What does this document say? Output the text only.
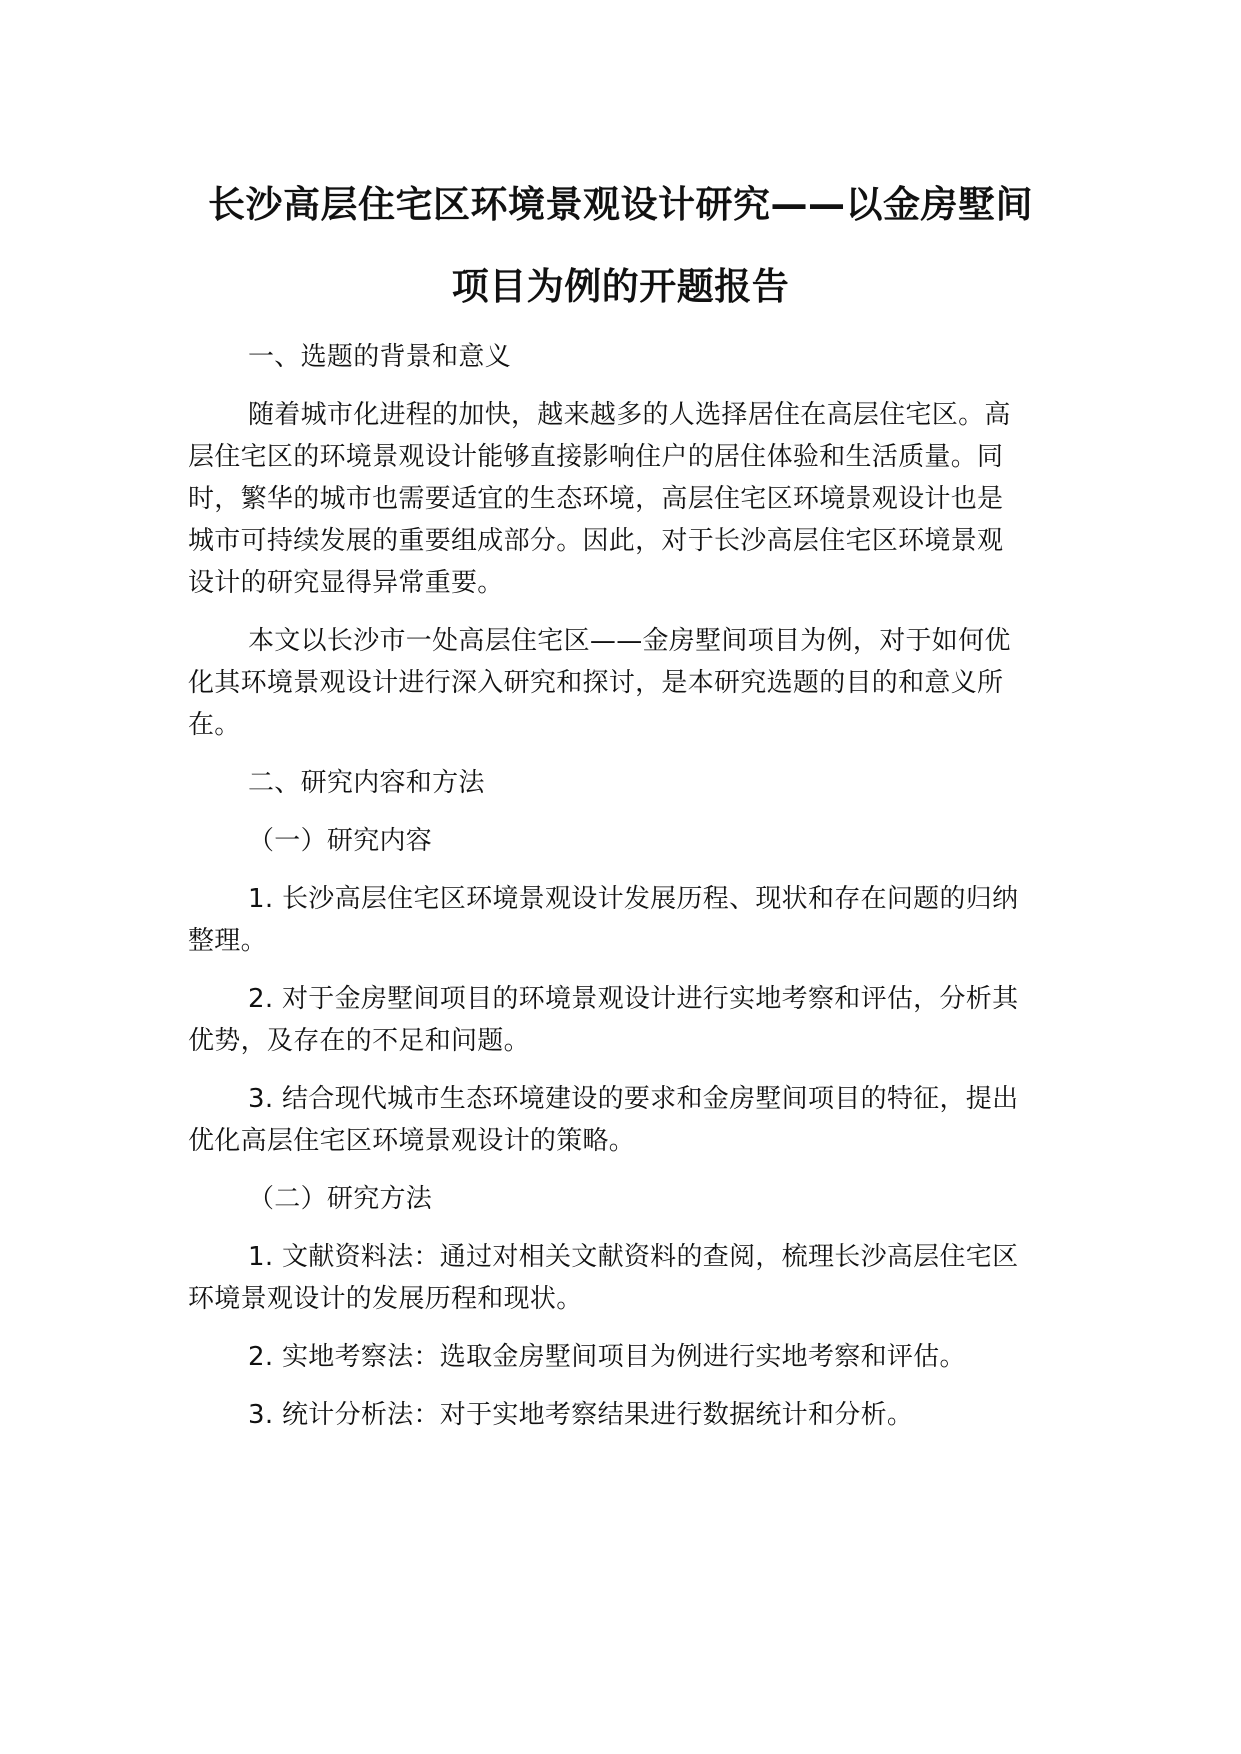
长沙高层住宅区环境景观设计研究——以金房墅间
项目为例的开题报告
一、选题的背景和意义
随着城市化进程的加快，越来越多的人选择居住在高层住宅区。高
层住宅区的环境景观设计能够直接影响住户的居住体验和生活质量。同
时，繁华的城市也需要适宜的生态环境，高层住宅区环境景观设计也是
城市可持续发展的重要组成部分。因此，对于长沙高层住宅区环境景观
设计的研究显得异常重要。
本文以长沙市一处高层住宅区——金房墅间项目为例，对于如何优
化其环境景观设计进行深入研究和探讨，是本研究选题的目的和意义所
在。
二、研究内容和方法
（一）研究内容
1. 长沙高层住宅区环境景观设计发展历程、现状和存在问题的归纳
整理。
2. 对于金房墅间项目的环境景观设计进行实地考察和评估，分析其
优势，及存在的不足和问题。
3. 结合现代城市生态环境建设的要求和金房墅间项目的特征，提出
优化高层住宅区环境景观设计的策略。
（二）研究方法
1. 文献资料法：通过对相关文献资料的查阅，梳理长沙高层住宅区
环境景观设计的发展历程和现状。
2. 实地考察法：选取金房墅间项目为例进行实地考察和评估。
3. 统计分析法：对于实地考察结果进行数据统计和分析。
